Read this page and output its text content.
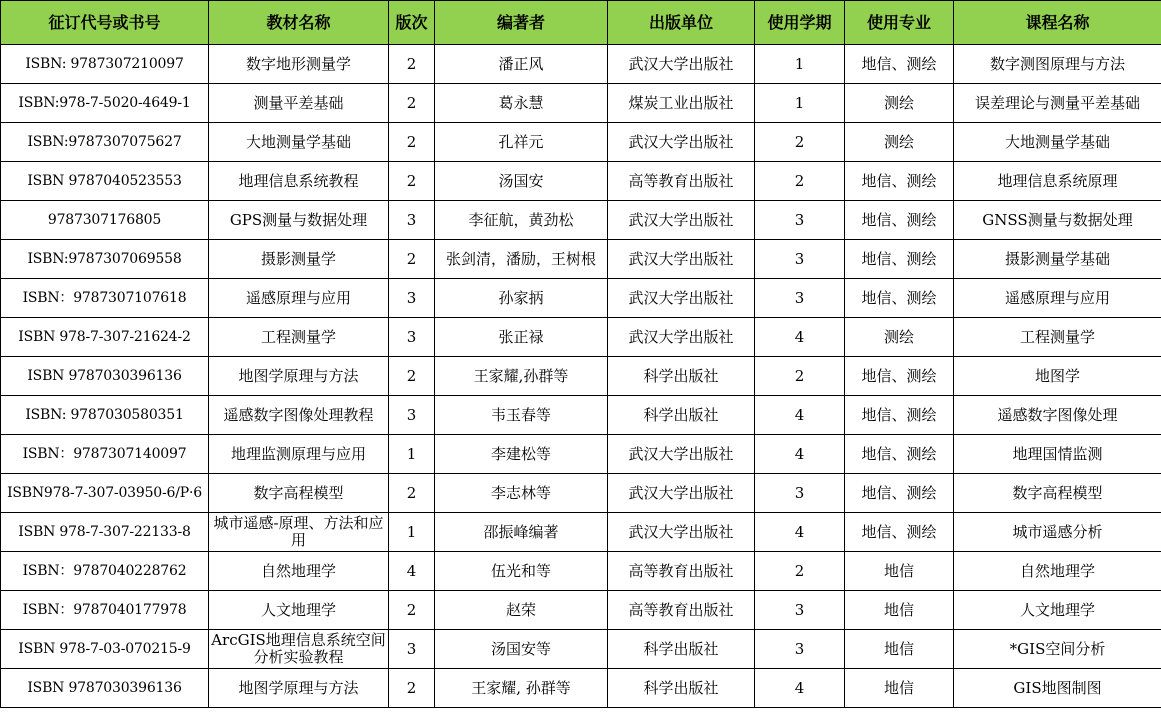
征订代号或书号	教材名称	版次	编著者	出版单位	使用学期	使用专业	课程名称
ISBN: 9787307210097	数字地形测量学	2	潘正风	武汉大学出版社	1	地信、测绘	数字测图原理与方法
ISBN:978-7-5020-4649-1	测量平差基础	2	葛永慧	煤炭工业出版社	1	测绘	误差理论与测量平差基础
ISBN:9787307075627	大地测量学基础	2	孔祥元	武汉大学出版社	2	测绘	大地测量学基础
ISBN 9787040523553	地理信息系统教程	2	汤国安	高等教育出版社	2	地信、测绘	地理信息系统原理
9787307176805	GPS测量与数据处理	3	李征航，黄劲松	武汉大学出版社	3	地信、测绘	GNSS测量与数据处理
ISBN:9787307069558	摄影测量学	2	张剑清，潘励，王树根	武汉大学出版社	3	地信、测绘	摄影测量学基础
ISBN：9787307107618	遥感原理与应用	3	孙家抦	武汉大学出版社	3	地信、测绘	遥感原理与应用
ISBN 978-7-307-21624-2	工程测量学	3	张正禄	武汉大学出版社	4	测绘	工程测量学
ISBN 9787030396136	地图学原理与方法	2	王家耀,孙群等	科学出版社	2	地信、测绘	地图学
ISBN: 9787030580351	遥感数字图像处理教程	3	韦玉春等	科学出版社	4	地信、测绘	遥感数字图像处理
ISBN：9787307140097	地理监测原理与应用	1	李建松等	武汉大学出版社	4	地信、测绘	地理国情监测
ISBN978-7-307-03950-6/P·6	数字高程模型	2	李志林等	武汉大学出版社	3	地信、测绘	数字高程模型
ISBN 978-7-307-22133-8	城市遥感-原理、方法和应用	1	邵振峰编著	武汉大学出版社	4	地信、测绘	城市遥感分析
ISBN：9787040228762	自然地理学	4	伍光和等	高等教育出版社	2	地信	自然地理学
ISBN：9787040177978	人文地理学	2	赵荣	高等教育出版社	3	地信	人文地理学
ISBN 978-7-03-070215-9	ArcGIS地理信息系统空间分析实验教程	3	汤国安等	科学出版社	3	地信	*GIS空间分析
ISBN 9787030396136	地图学原理与方法	2	王家耀, 孙群等	科学出版社	4	地信	GIS地图制图
